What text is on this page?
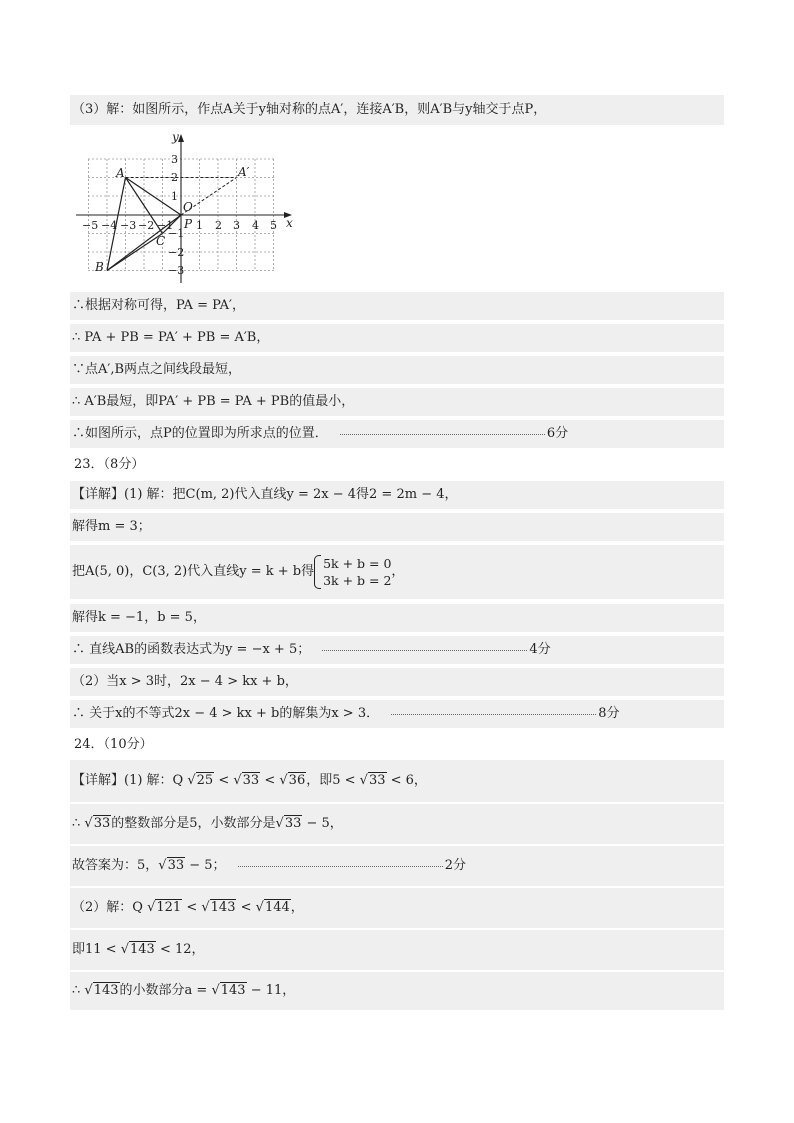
（3）解：如图所示，作点A关于y轴对称的点A′，连接A′B，则A′B与y轴交于点P，
−5 −4 −3 −2 −1 1 2 3 4 5
3
2
1
−1
−2
−3
x
y
O
A	A′
B
C
P
∴根据对称可得，PA = PA′，
∴ PA + PB = PA′ + PB = A′B，
∵点A′,B两点之间线段最短，
∴ A′B最短，即PA′ + PB = PA + PB的值最小，
∴如图所示，点P的位置即为所求点的位置．	6分
23．（8分）
【详解】(1) 解：把C(m, 2)代入直线y = 2x − 4得2 = 2m − 4，
解得m = 3；
把A(5, 0)，C(3, 2)代入直线y = k + b得
5k + b = 0
3k + b = 2
，
解得k = −1，b = 5，
∴ 直线AB的函数表达式为y = −x + 5；	4分
（2）当x > 3时，2x − 4 > kx + b，
∴ 关于x的不等式2x − 4 > kx + b的解集为x > 3．	8分
24．（10分）
【详解】(1) 解：Q √25 < √33 < √36，即5 < √33 < 6，
∴ √33的整数部分是5，小数部分是√33 − 5，
故答案为：5，√33 − 5；	2分
（2）解：Q √121 < √143 < √144，
即11 < √143 < 12，
∴ √143的小数部分a = √143 − 11，
